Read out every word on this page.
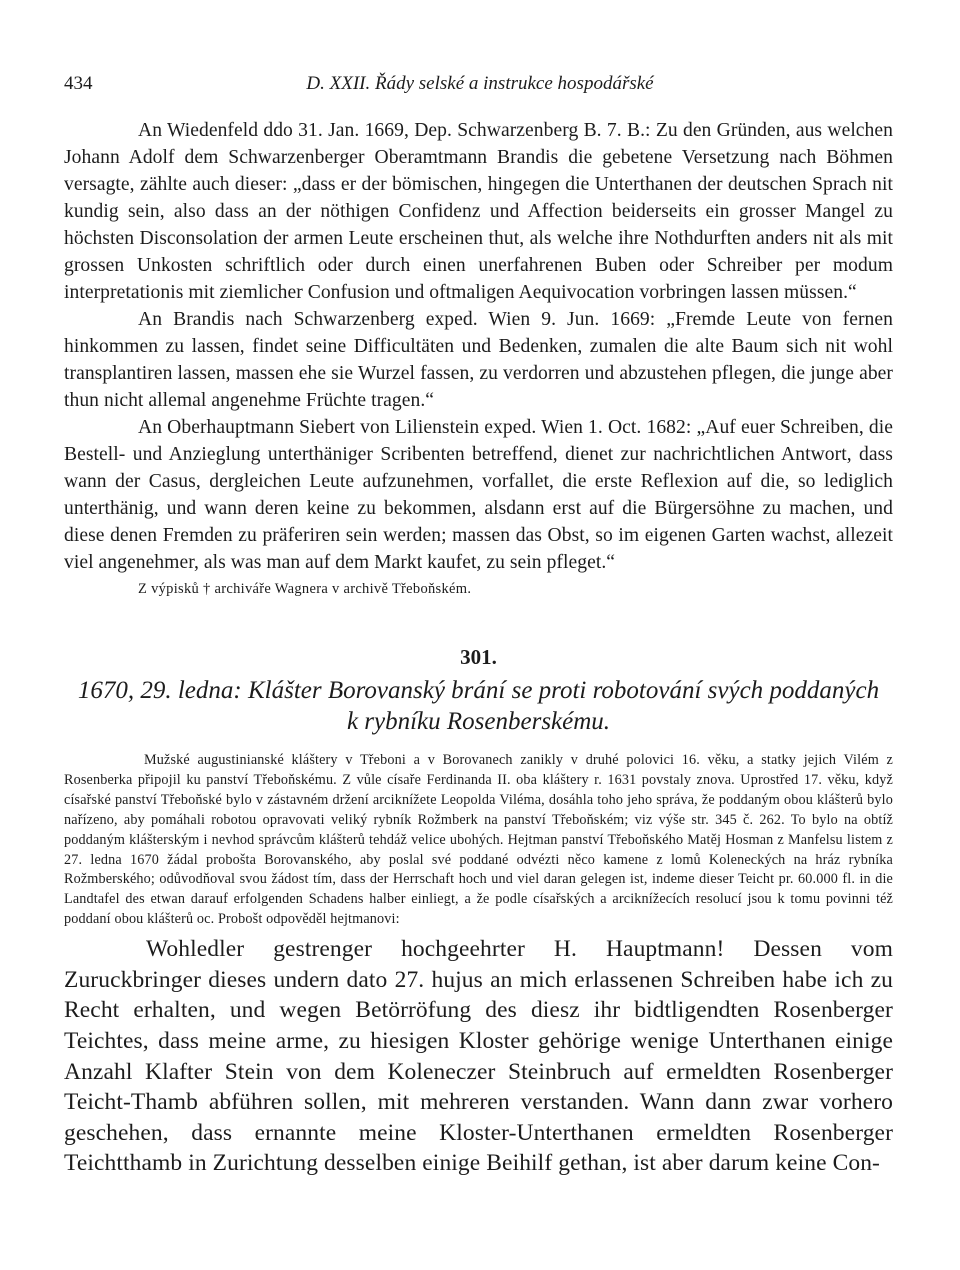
434	D. XXII. Řády selské a instrukce hospodářské

An Wiedenfeld ddo 31. Jan. 1669, Dep. Schwarzenberg B. 7. B.: Zu den Gründen, aus welchen Johann Adolf dem Schwarzenberger Oberamtmann Brandis die gebetene Versetzung nach Böhmen versagte, zählte auch dieser: „dass er der bömischen, hingegen die Unterthanen der deutschen Sprach nit kundig sein, also dass an der nöthigen Confidenz und Affection beiderseits ein grosser Mangel zu höchsten Disconsolation der armen Leute erscheinen thut, als welche ihre Nothdurften anders nit als mit grossen Unkosten schriftlich oder durch einen unerfahrenen Buben oder Schreiber per modum interpretationis mit ziemlicher Confusion und oftmaligen Aequivocation vorbringen lassen müssen.“

An Brandis nach Schwarzenberg exped. Wien 9. Jun. 1669: „Fremde Leute von fernen hinkommen zu lassen, findet seine Difficultäten und Bedenken, zumalen die alte Baum sich nit wohl transplantiren lassen, massen ehe sie Wurzel fassen, zu verdorren und abzustehen pflegen, die junge aber thun nicht allemal angenehme Früchte tragen.“

An Oberhauptmann Siebert von Lilienstein exped. Wien 1. Oct. 1682: „Auf euer Schreiben, die Bestell- und Anzieglung unterthäniger Scribenten betreffend, dienet zur nachrichtlichen Antwort, dass wann der Casus, dergleichen Leute aufzunehmen, vorfallet, die erste Reflexion auf die, so lediglich unterthänig, und wann deren keine zu bekommen, alsdann erst auf die Bürgersöhne zu machen, und diese denen Fremden zu präferiren sein werden; massen das Obst, so im eigenen Garten wachst, allezeit viel angenehmer, als was man auf dem Markt kaufet, zu sein pfleget.“

Z výpisků † archiváře Wagnera v archivě Třeboňském.

301.

1670, 29. ledna: Klášter Borovanský brání se proti robotování svých poddaných

k rybníku Rosenberskému.

Mužské augustinianské kláštery v Třeboni a v Borovanech zanikly v druhé polovici 16. věku, a statky jejich Vilém z Rosenberka připojil ku panství Třeboňskému. Z vůle císaře Ferdinanda II. oba kláštery r. 1631 povstaly znova. Uprostřed 17. věku, když císařské panství Třeboňské bylo v zástavném držení arciknížete Leopolda Viléma, dosáhla toho jeho správa, že poddaným obou klášterů bylo nařízeno, aby pomáhali robotou opravovati veliký rybník Rožmberk na panství Třeboňském; viz výše str. 345 č. 262. To bylo na obtíž poddaným klášterským i nevhod správcům klášterů tehdáž velice ubohých. Hejtman panství Třeboňského Matěj Hosman z Manfelsu listem z 27. ledna 1670 žádal probošta Borovanského, aby poslal své poddané odvézti něco kamene z lomů Koleneckých na hráz rybníka Rožmberského; odůvodňoval svou žádost tím, dass der Herrschaft hoch und viel daran gelegen ist, indeme dieser Teicht pr. 60.000 fl. in die Landtafel des etwan darauf erfolgenden Schadens halber einliegt, a že podle císařských a arciknížecích resolucí jsou k tomu povinni též poddaní obou klášterů oc. Probošt odpověděl hejtmanovi:

Wohledler gestrenger hochgeehrter H. Hauptmann! Dessen vom Zuruckbringer dieses undern dato 27. hujus an mich erlassenen Schreiben habe ich zu Recht erhalten, und wegen Betörröfung des diesz ihr bidtligendten Rosenberger Teichtes, dass meine arme, zu hiesigen Kloster gehörige wenige Unterthanen einige Anzahl Klafter Stein von dem Koleneczer Steinbruch auf ermeldten Rosenberger Teicht-Thamb abführen sollen, mit mehreren verstanden. Wann dann zwar vorhero geschehen, dass ernannte meine Kloster-Unterthanen ermeldten Rosenberger Teichtthamb in Zurichtung desselben einige Beihilf gethan, ist aber darum keine Con-
